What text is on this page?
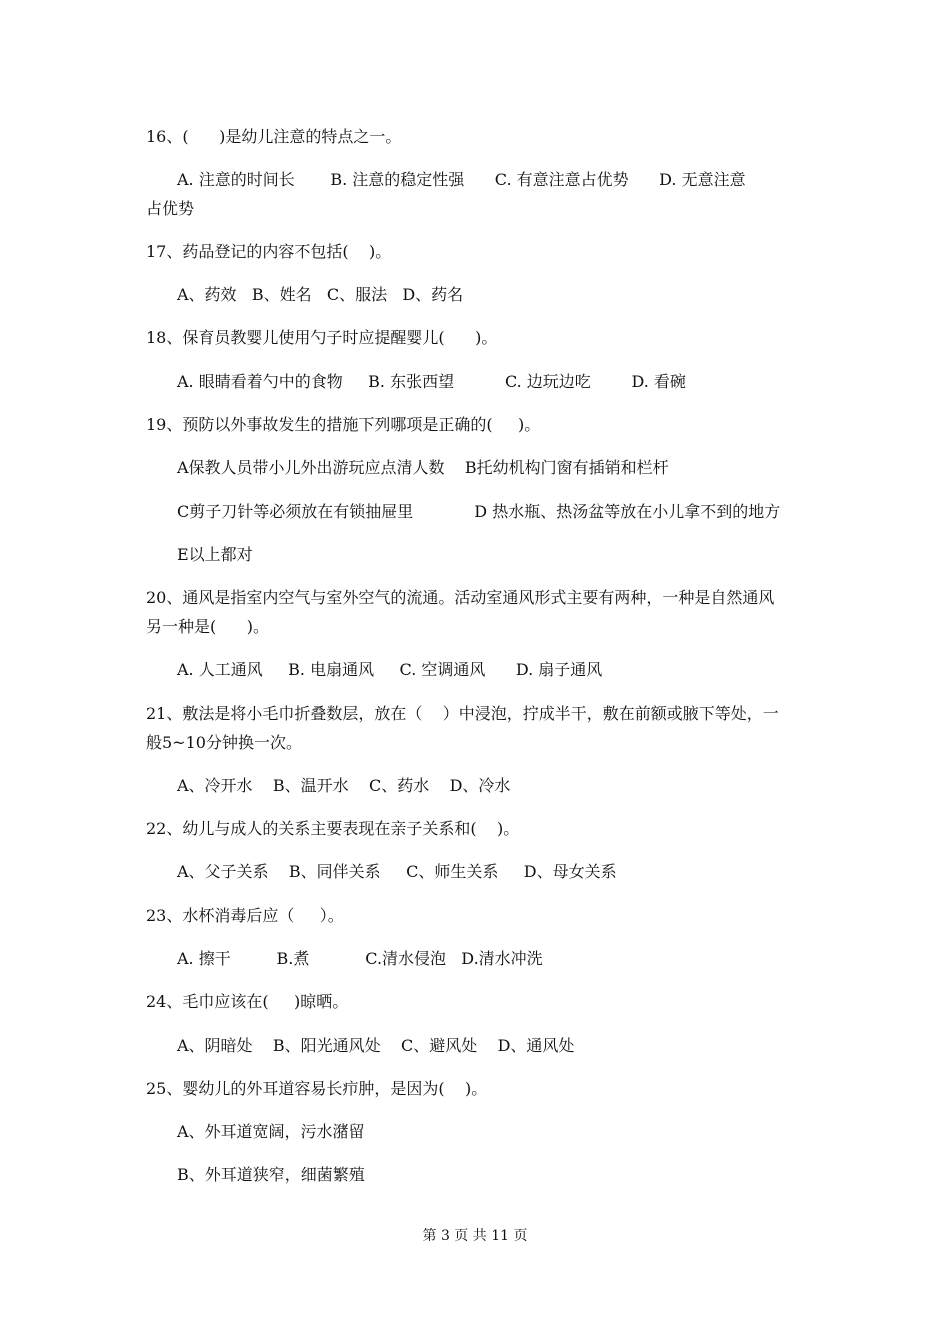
16、(      )是幼儿注意的特点之一。
A. 注意的时间长       B. 注意的稳定性强      C. 有意注意占优势      D. 无意注意
占优势
17、药品登记的内容不包括(    )。
A、药效   B、姓名   C、服法   D、药名
18、保育员教婴儿使用勺子时应提醒婴儿(      )。
A. 眼睛看着勺中的食物     B. 东张西望          C. 边玩边吃        D. 看碗
19、预防以外事故发生的措施下列哪项是正确的(     )。
A保教人员带小儿外出游玩应点清人数    B托幼机构门窗有插销和栏杆
C剪子刀针等必须放在有锁抽屉里            D 热水瓶、热汤盆等放在小儿拿不到的地方
E以上都对
20、通风是指室内空气与室外空气的流通。活动室通风形式主要有两种，一种是自然通风
另一种是(      )。
A. 人工通风     B. 电扇通风     C. 空调通风      D. 扇子通风
21、敷法是将小毛巾折叠数层，放在（    ）中浸泡，拧成半干，敷在前额或腋下等处，一
般5~10分钟换一次。
A、冷开水    B、温开水    C、药水    D、冷水
22、幼儿与成人的关系主要表现在亲子关系和(    )。
A、父子关系    B、同伴关系     C、师生关系     D、母女关系
23、水杯消毒后应（     ）。
A. 擦干         B.煮           C.清水侵泡   D.清水冲洗
24、毛巾应该在(     )晾晒。
A、阴暗处    B、阳光通风处    C、避风处    D、通风处
25、婴幼儿的外耳道容易长疖肿，是因为(    )。
A、外耳道宽阔，污水潴留
B、外耳道狭窄，细菌繁殖
第 3 页 共 11 页
